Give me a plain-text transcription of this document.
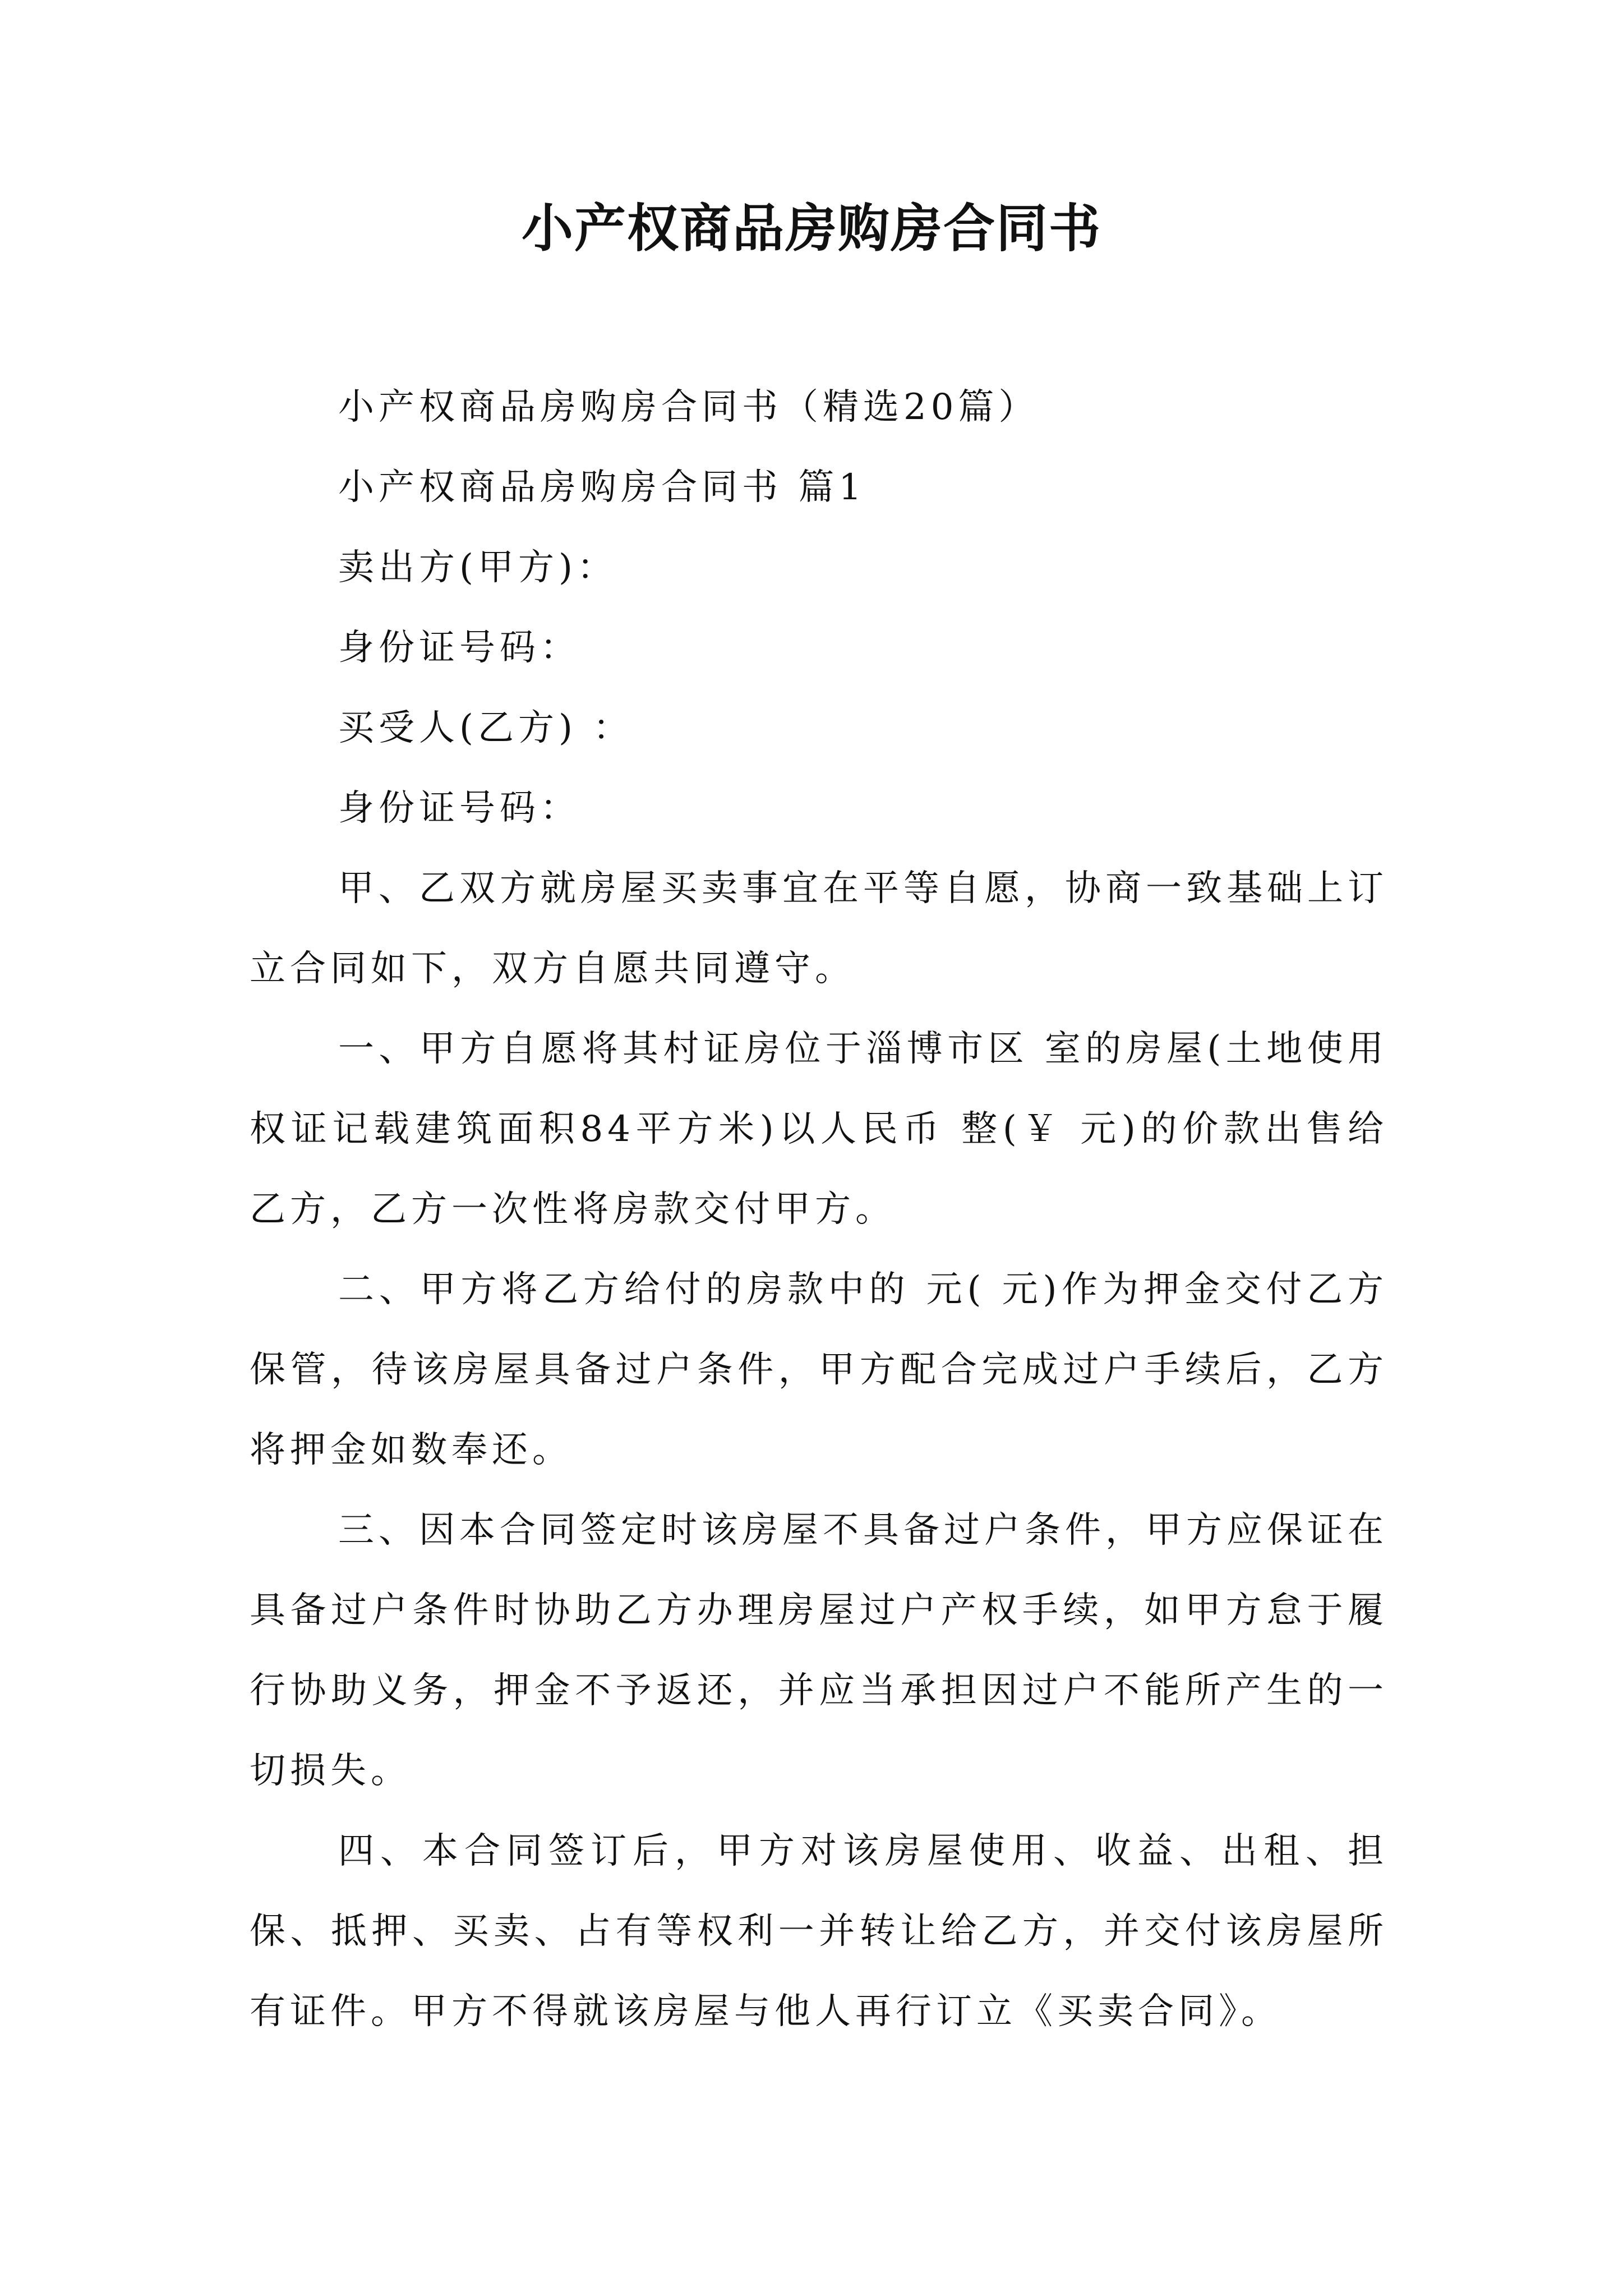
小产权商品房购房合同书

小产权商品房购房合同书（精选20篇）

小产权商品房购房合同书 篇1

卖出方(甲方)：

身份证号码：

买受人(乙方) ：

身份证号码：

甲、乙双方就房屋买卖事宜在平等自愿，协商一致基础上订立合同如下，双方自愿共同遵守。

一、甲方自愿将其村证房位于淄博市区 室的房屋(土地使用权证记载建筑面积84平方米)以人民币 整(￥ 元)的价款出售给乙方，乙方一次性将房款交付甲方。

二、甲方将乙方给付的房款中的 元( 元)作为押金交付乙方保管，待该房屋具备过户条件，甲方配合完成过户手续后，乙方将押金如数奉还。

三、因本合同签定时该房屋不具备过户条件，甲方应保证在具备过户条件时协助乙方办理房屋过户产权手续，如甲方怠于履行协助义务，押金不予返还，并应当承担因过户不能所产生的一切损失。

四、本合同签订后，甲方对该房屋使用、收益、出租、担保、抵押、买卖、占有等权利一并转让给乙方，并交付该房屋所有证件。甲方不得就该房屋与他人再行订立《买卖合同》。
